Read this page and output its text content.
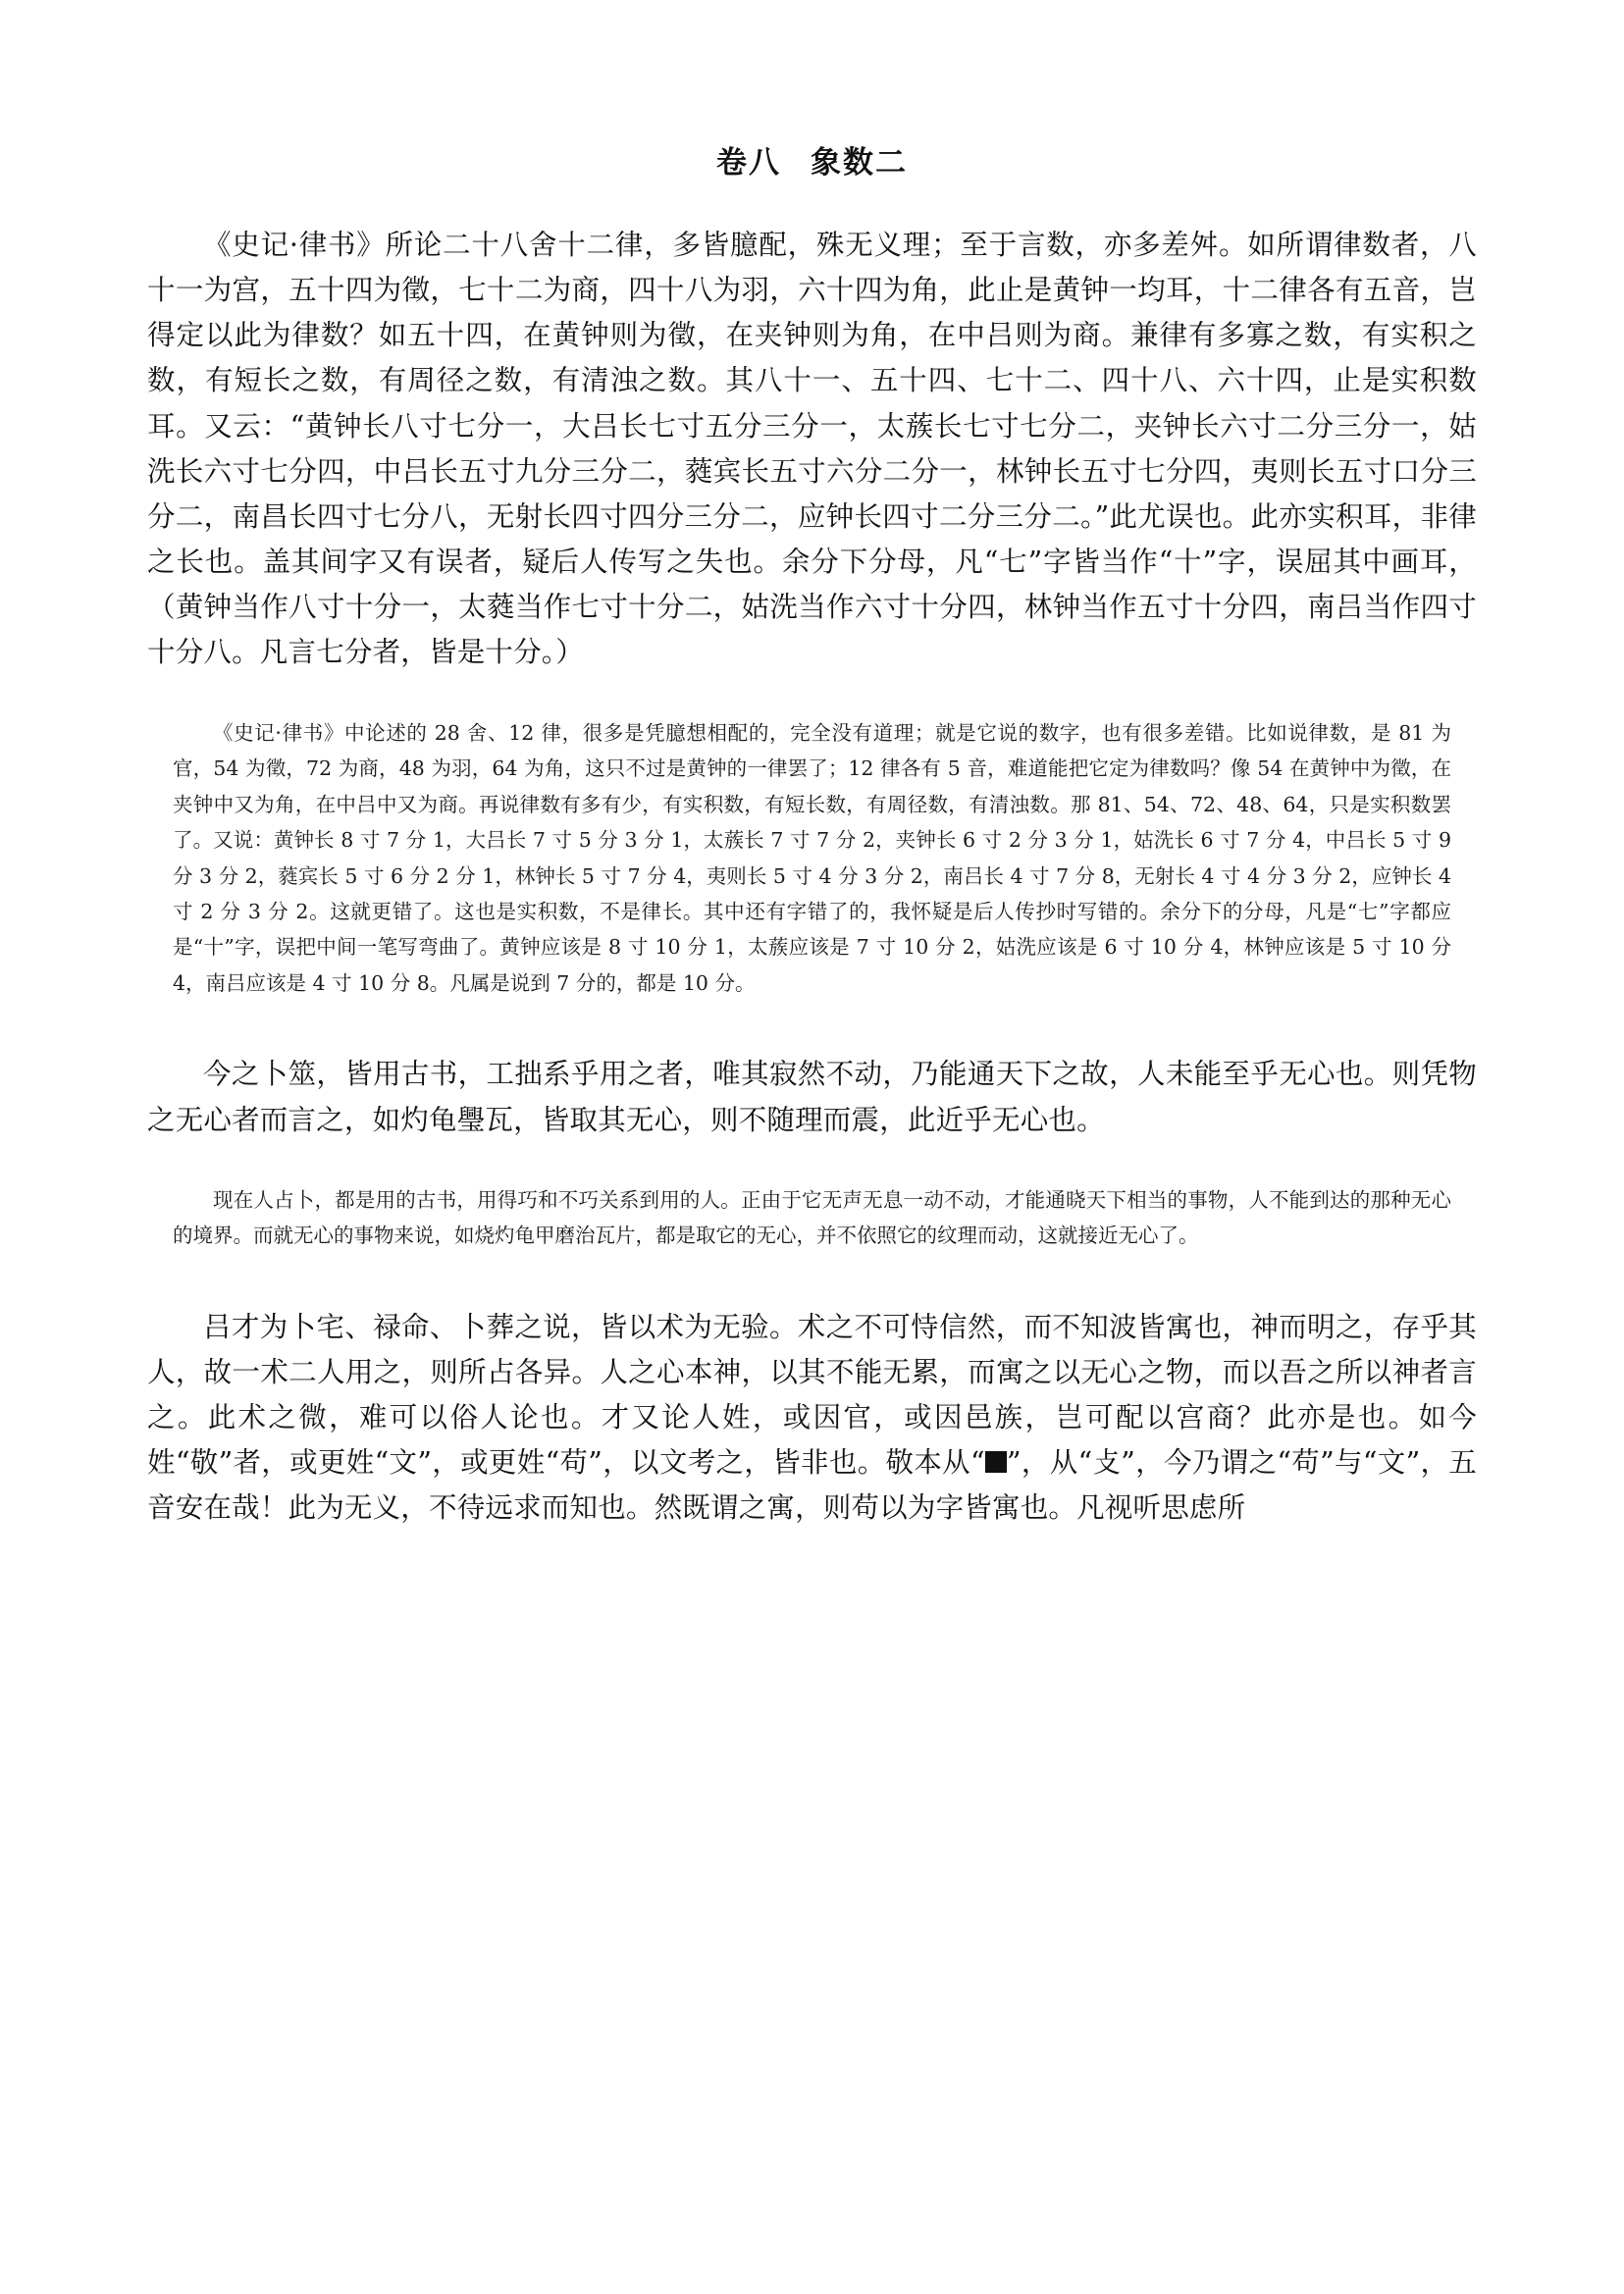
卷八 象数二

《史记·律书》所论二十八舍十二律，多皆臆配，殊无义理；至于言数，亦多差舛。如所谓律数者，八十一为宫，五十四为徵，七十二为商，四十八为羽，六十四为角，此止是黄钟一均耳，十二律各有五音，岂得定以此为律数？如五十四，在黄钟则为徵，在夹钟则为角，在中吕则为商。兼律有多寡之数，有实积之数，有短长之数，有周径之数，有清浊之数。其八十一、五十四、七十二、四十八、六十四，止是实积数耳。又云：“黄钟长八寸七分一，大吕长七寸五分三分一，太蔟长七寸七分二，夹钟长六寸二分三分一，姑洗长六寸七分四，中吕长五寸九分三分二，蕤宾长五寸六分二分一，林钟长五寸七分四，夷则长五寸口分三分二，南昌长四寸七分八，无射长四寸四分三分二，应钟长四寸二分三分二。”此尤误也。此亦实积耳，非律之长也。盖其间字又有误者，疑后人传写之失也。余分下分母，凡“七”字皆当作“十”字，误屈其中画耳，（黄钟当作八寸十分一，太蕤当作七寸十分二，姑洗当作六寸十分四，林钟当作五寸十分四，南吕当作四寸十分八。凡言七分者，皆是十分。）

《史记·律书》中论述的 28 舍、12 律，很多是凭臆想相配的，完全没有道理；就是它说的数字，也有很多差错。比如说律数，是 81 为官，54 为徵，72 为商，48 为羽，64 为角，这只不过是黄钟的一律罢了；12 律各有 5 音，难道能把它定为律数吗？像 54 在黄钟中为徵，在夹钟中又为角，在中吕中又为商。再说律数有多有少，有实积数，有短长数，有周径数，有清浊数。那 81、54、72、48、64，只是实积数罢了。又说：黄钟长 8 寸 7 分 1，大吕长 7 寸 5 分 3 分 1，太蔟长 7 寸 7 分 2，夹钟长 6 寸 2 分 3 分 1，姑洗长 6 寸 7 分 4，中吕长 5 寸 9 分 3 分 2，蕤宾长 5 寸 6 分 2 分 1，林钟长 5 寸 7 分 4，夷则长 5 寸 4 分 3 分 2，南吕长 4 寸 7 分 8，无射长 4 寸 4 分 3 分 2，应钟长 4 寸 2 分 3 分 2。这就更错了。这也是实积数，不是律长。其中还有字错了的，我怀疑是后人传抄时写错的。余分下的分母，凡是“七”字都应是“十”字，误把中间一笔写弯曲了。黄钟应该是 8 寸 10 分 1，太蔟应该是 7 寸 10 分 2，姑洗应该是 6 寸 10 分 4，林钟应该是 5 寸 10 分 4，南吕应该是 4 寸 10 分 8。凡属是说到 7 分的，都是 10 分。

今之卜筮，皆用古书，工拙系乎用之者，唯其寂然不动，乃能通天下之故，人未能至乎无心也。则凭物之无心者而言之，如灼龟璺瓦，皆取其无心，则不随理而震，此近乎无心也。

现在人占卜，都是用的古书，用得巧和不巧关系到用的人。正由于它无声无息一动不动，才能通晓天下相当的事物，人不能到达的那种无心的境界。而就无心的事物来说，如烧灼龟甲磨治瓦片，都是取它的无心，并不依照它的纹理而动，这就接近无心了。

吕才为卜宅、禄命、卜葬之说，皆以术为无验。术之不可恃信然，而不知波皆寓也，神而明之，存乎其人，故一术二人用之，则所占各异。人之心本神，以其不能无累，而寓之以无心之物，而以吾之所以神者言之。此术之微，难可以俗人论也。才又论人姓，或因官，或因邑族，岂可配以宫商？此亦是也。如今姓“敬”者，或更姓“文”，或更姓“苟”，以文考之，皆非也。敬本从“ ”，从“攴”，今乃谓之“苟”与“文”，五音安在哉！此为无义，不待远求而知也。然既谓之寓，则苟以为字皆寓也。凡视听思虑所
